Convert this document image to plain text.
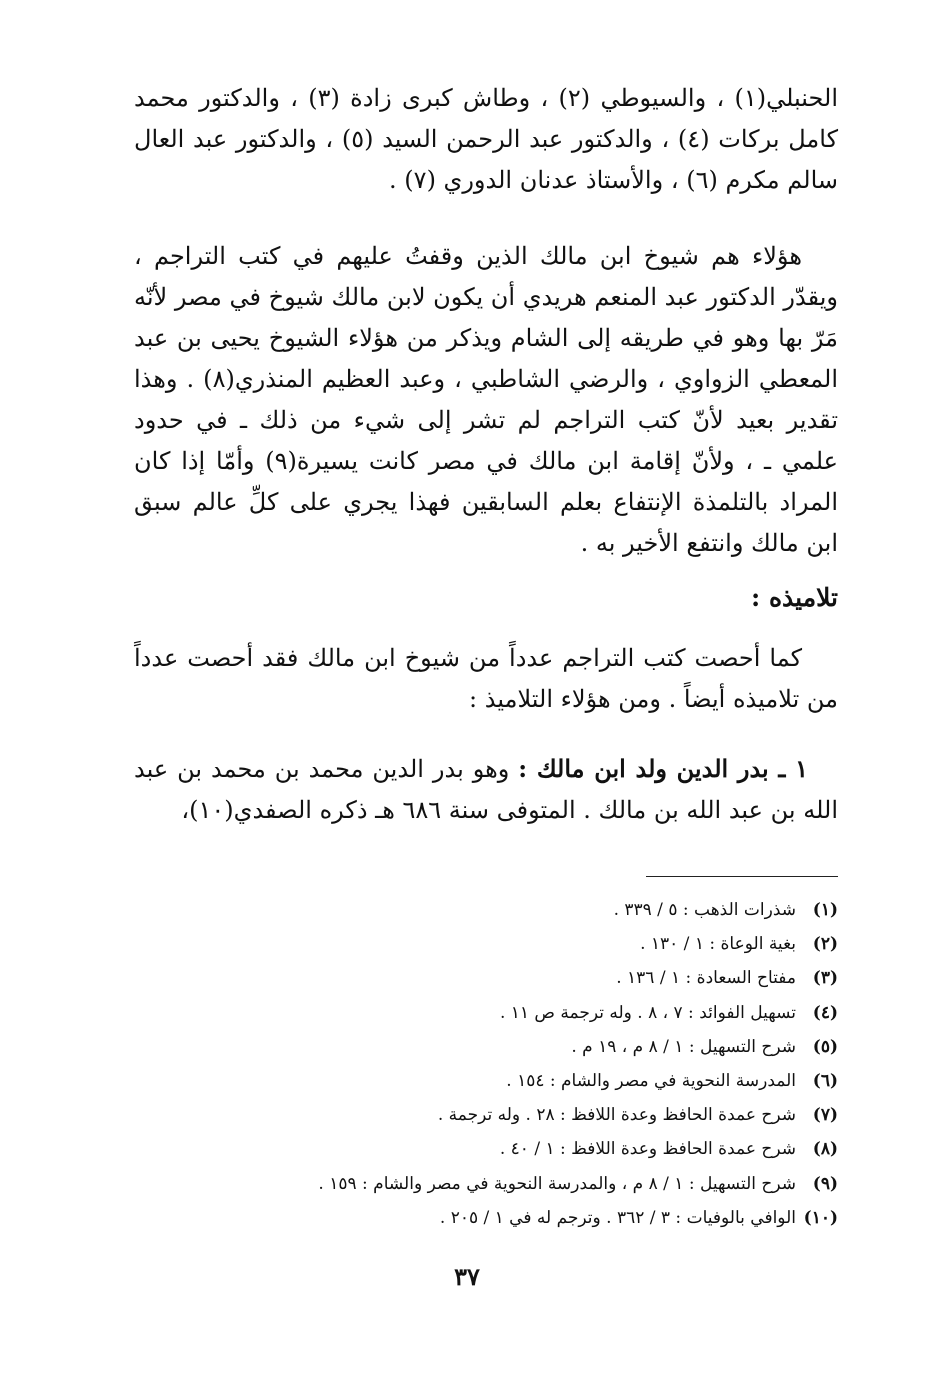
الحنبلي(١) ، والسيوطي (٢) ، وطاش كبرى زادة (٣) ، والدكتور محمد كامل بركات (٤) ، والدكتور عبد الرحمن السيد (٥) ، والدكتور عبد العال سالم مكرم (٦) ، والأستاذ عدنان الدوري (٧) .

هؤلاء هم شيوخ ابن مالك الذين وقفتُ عليهم في كتب التراجم ، ويقدّر الدكتور عبد المنعم هريدي أن يكون لابن مالك شيوخ في مصر لأنّه مَرّ بها وهو في طريقه إلى الشام ويذكر من هؤلاء الشيوخ يحيى بن عبد المعطي الزواوي ، والرضي الشاطبي ، وعبد العظيم المنذري(٨) . وهذا تقدير بعيد لأنّ كتب التراجم لم تشر إلى شيء من ذلك ـ في حدود علمي ـ ، ولأنّ إقامة ابن مالك في مصر كانت يسيرة(٩) وأمّا إذا كان المراد بالتلمذة الإنتفاع بعلم السابقين فهذا يجري على كلِّ عالم سبق ابن مالك وانتفع الأخير به .

تلاميذه :

كما أحصت كتب التراجم عدداً من شيوخ ابن مالك فقد أحصت عدداً من تلاميذه أيضاً . ومن هؤلاء التلاميذ :

١ ـ بدر الدين ولد ابن مالك : وهو بدر الدين محمد بن محمد بن عبد الله بن عبد الله بن مالك . المتوفى سنة ٦٨٦ هـ ذكره الصفدي(١٠)،

(١)شذرات الذهب : ٥ / ٣٣٩ .
(٢)بغية الوعاة : ١ / ١٣٠ .
(٣)مفتاح السعادة : ١ / ١٣٦ .
(٤)تسهيل الفوائد : ٧ ، ٨ . وله ترجمة ص ١١ .
(٥)شرح التسهيل : ١ / ٨ م ، ١٩ م .
(٦)المدرسة النحوية في مصر والشام : ١٥٤ .
(٧)شرح عمدة الحافظ وعدة اللافظ : ٢٨ . وله ترجمة .
(٨)شرح عمدة الحافظ وعدة اللافظ : ١ / ٤٠ .
(٩)شرح التسهيل : ١ / ٨ م ، والمدرسة النحوية في مصر والشام : ١٥٩ .
(١٠)الوافي بالوفيات : ٣ / ٣٦٢ . وترجم له في ١ / ٢٠٥ .
٣٧
